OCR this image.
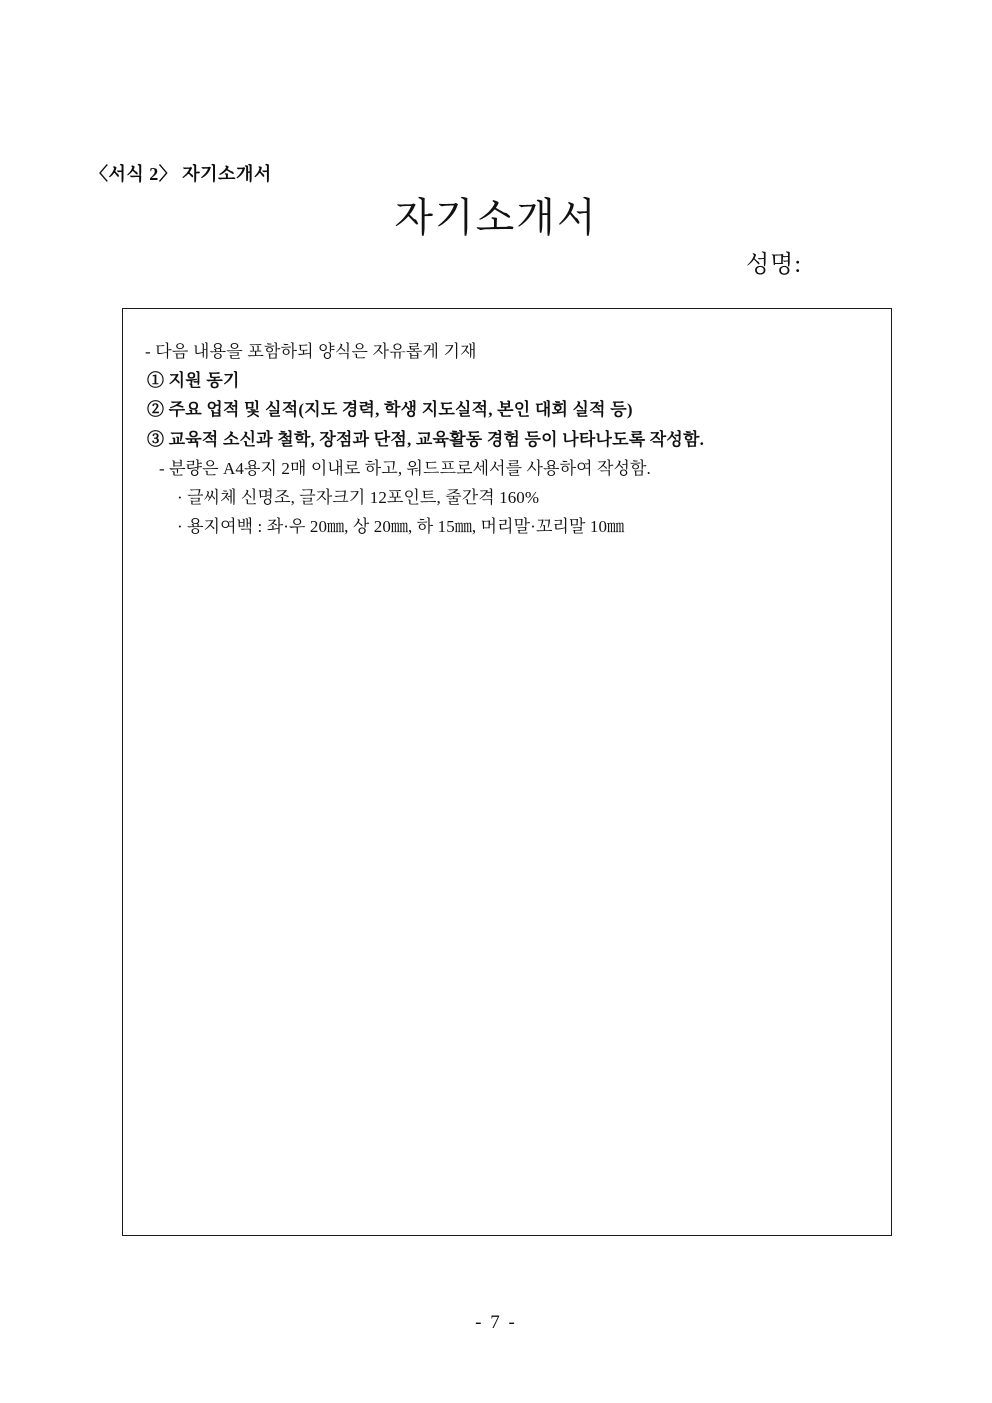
〈서식 2〉 자기소개서
자기소개서
성명:
- 다음 내용을 포함하되 양식은 자유롭게 기재
① 지원 동기
② 주요 업적 및 실적(지도 경력, 학생 지도실적, 본인 대회 실적 등)
③ 교육적 소신과 철학, 장점과 단점, 교육활동 경험 등이 나타나도록 작성함.
- 분량은 A4용지 2매 이내로 하고, 워드프로세서를 사용하여 작성함.
· 글씨체 신명조, 글자크기 12포인트, 줄간격 160%
· 용지여백 : 좌·우 20㎜, 상 20㎜, 하 15㎜, 머리말·꼬리말 10㎜
- 7 -
